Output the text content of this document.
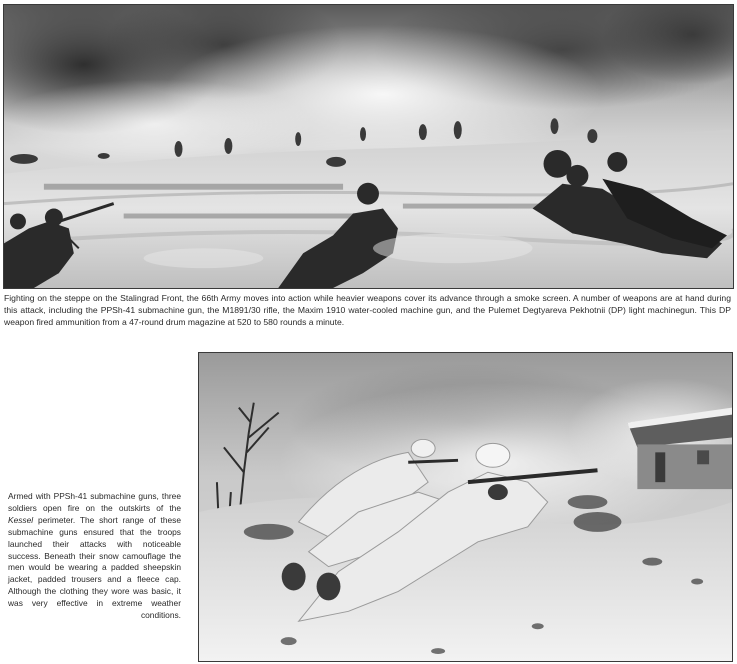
Fighting on the steppe on the Stalingrad Front, the 66th Army moves into action while heavier weapons cover its advance through a smoke screen. A number of weapons are at hand during this attack, including the PPSh-41 submachine gun, the M1891/30 rifle, the Maxim 1910 water-cooled machine gun, and the Pulemet Degtyareva Pekhotnii (DP) light machinegun. This DP weapon fired ammunition from a 47-round drum magazine at 520 to 580 rounds a minute.

Armed with PPSh-41 submachine guns, three soldiers open fire on the outskirts of the Kessel perimeter. The short range of these submachine guns ensured that the troops launched their attacks with noticeable success. Beneath their snow camouflage the men would be wearing a padded sheepskin jacket, padded trousers and a fleece cap. Although the clothing they wore was basic, it was very effective in extreme weather conditions.
